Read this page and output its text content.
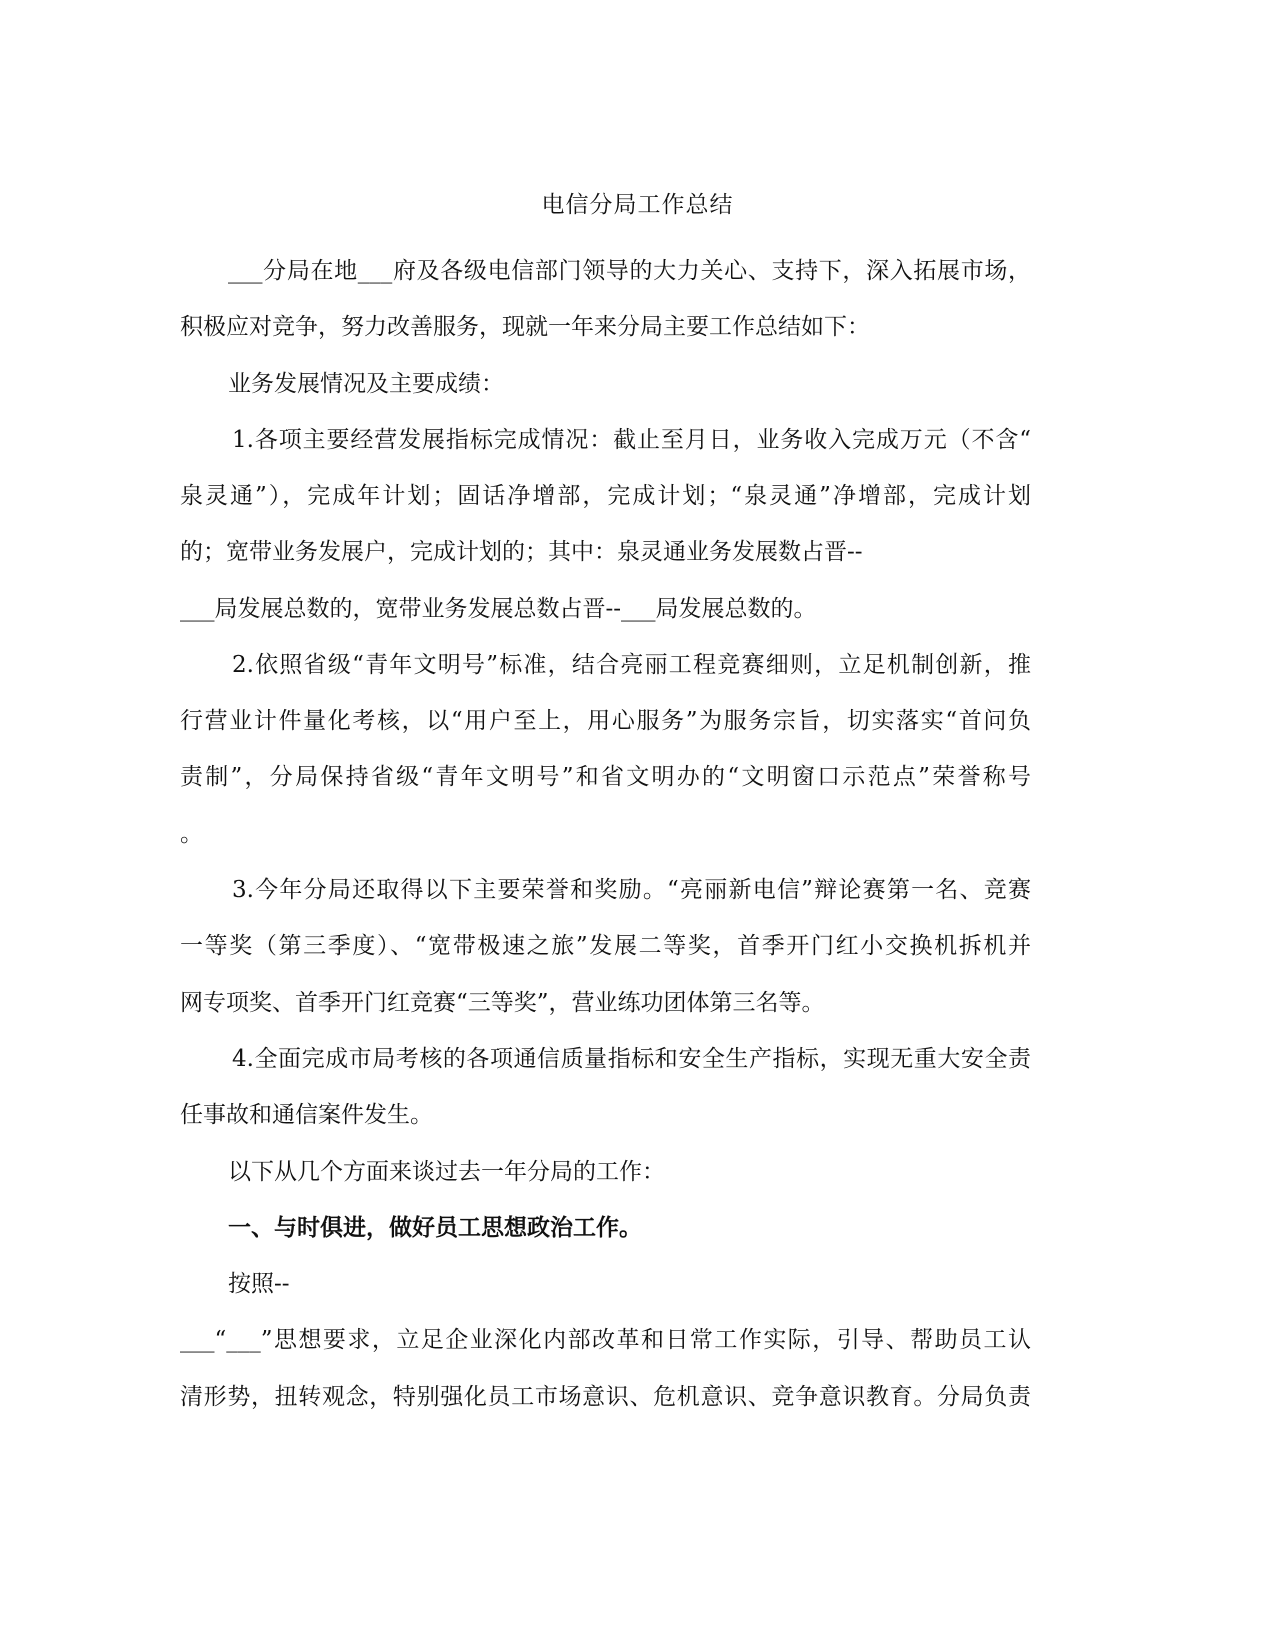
电信分局工作总结
___分局在地___府及各级电信部门领导的大力关心、支持下，深入拓展市场，
积极应对竞争，努力改善服务，现就一年来分局主要工作总结如下：
业务发展情况及主要成绩：
1.各项主要经营发展指标完成情况：截止至月日，业务收入完成万元（不含“
泉灵通”），完成年计划；固话净增部，完成计划；“泉灵通”净增部，完成计划
的；宽带业务发展户，完成计划的；其中：泉灵通业务发展数占晋--
___局发展总数的，宽带业务发展总数占晋--___局发展总数的。
2.依照省级“青年文明号”标准，结合亮丽工程竞赛细则，立足机制创新，推
行营业计件量化考核，以“用户至上，用心服务”为服务宗旨，切实落实“首问负
责制”，分局保持省级“青年文明号”和省文明办的“文明窗口示范点”荣誉称号
。
3.今年分局还取得以下主要荣誉和奖励。“亮丽新电信”辩论赛第一名、竞赛
一等奖（第三季度）、“宽带极速之旅”发展二等奖，首季开门红小交换机拆机并
网专项奖、首季开门红竞赛“三等奖”，营业练功团体第三名等。
4.全面完成市局考核的各项通信质量指标和安全生产指标，实现无重大安全责
任事故和通信案件发生。
以下从几个方面来谈过去一年分局的工作：
一、与时俱进，做好员工思想政治工作。
按照--
___“___”思想要求，立足企业深化内部改革和日常工作实际，引导、帮助员工认
清形势，扭转观念，特别强化员工市场意识、危机意识、竞争意识教育。分局负责
